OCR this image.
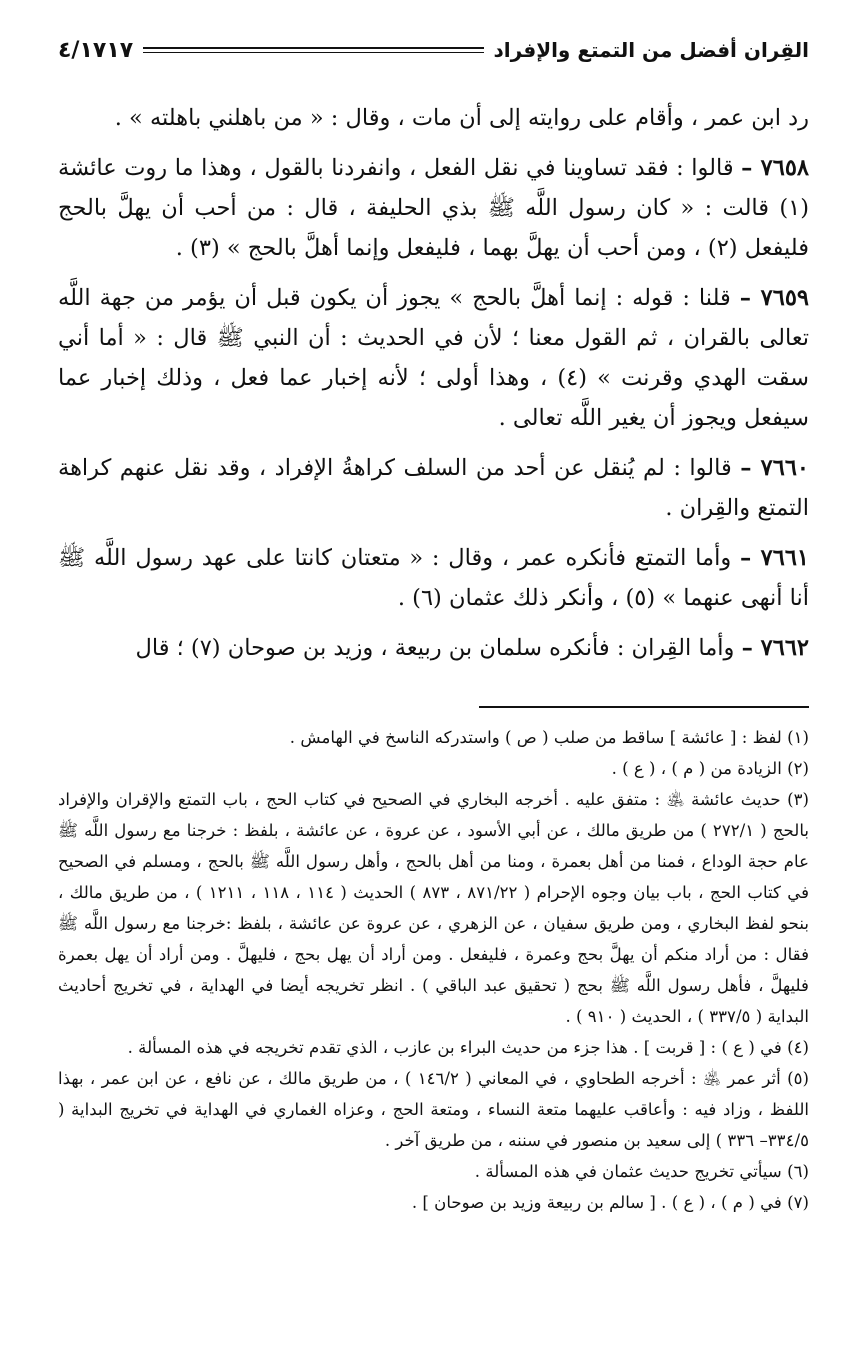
القِران أفضل من التمتع والإفراد
٤/١٧١٧

رد ابن عمر ، وأقام على روايته إلى أن مات ، وقال : « من باهلني باهلته » .

٧٦٥٨ – قالوا : فقد تساوينا في نقل الفعل ، وانفردنا بالقول ، وهذا ما روت عائشة (١) قالت : « كان رسول اللَّه ﷺ بذي الحليفة ، قال : من أحب أن يهلَّ بالحج فليفعل (٢) ، ومن أحب أن يهلَّ بهما ، فليفعل وإنما أهلَّ بالحج » (٣) .

٧٦٥٩ – قلنا : قوله : إنما أهلَّ بالحج » يجوز أن يكون قبل أن يؤمر من جهة اللَّه تعالى بالقران ، ثم القول معنا ؛ لأن في الحديث : أن النبي ﷺ قال : « أما أني سقت الهدي وقرنت » (٤) ، وهذا أولى ؛ لأنه إخبار عما فعل ، وذلك إخبار عما سيفعل ويجوز أن يغير اللَّه تعالى .

٧٦٦٠ – قالوا : لم يُنقل عن أحد من السلف كراهةُ الإفراد ، وقد نقل عنهم كراهة التمتع والقِران .

٧٦٦١ – وأما التمتع فأنكره عمر ، وقال : « متعتان كانتا على عهد رسول اللَّه ﷺ أنا أنهى عنهما » (٥) ، وأنكر ذلك عثمان (٦) .

٧٦٦٢ – وأما القِران : فأنكره سلمان بن ربيعة ، وزيد بن صوحان (٧) ؛ قال

(١) لفظ : [ عائشة ] ساقط من صلب ( ص ) واستدركه الناسخ في الهامش .

(٢) الزيادة من ( م ) ، ( ع ) .

(٣) حديث عائشة ﵁ : متفق عليه . أخرجه البخاري في الصحيح في كتاب الحج ، باب التمتع والإقران والإفراد بالحج ( ٢٧٢/١ ) من طريق مالك ، عن أبي الأسود ، عن عروة ، عن عائشة ، بلفظ : خرجنا مع رسول اللَّه ﷺ عام حجة الوداع ، فمنا من أهل بعمرة ، ومنا من أهل بالحج ، وأهل رسول اللَّه ﷺ بالحج ، ومسلم في الصحيح في كتاب الحج ، باب بيان وجوه الإحرام ( ٨٧١/٢٢ ، ٨٧٣ ) الحديث ( ١١٤ ، ١١٨ ، ١٢١١ ) ، من طريق مالك ، بنحو لفظ البخاري ، ومن طريق سفيان ، عن الزهري ، عن عروة عن عائشة ، بلفظ :خرجنا مع رسول اللَّه ﷺ فقال : من أراد منكم أن يهلَّ بحج وعمرة ، فليفعل . ومن أراد أن يهل بحج ، فليهلَّ . ومن أراد أن يهل بعمرة فليهلَّ ، فأهل رسول اللَّه ﷺ بحج ( تحقيق عبد الباقي ) . انظر تخريجه أيضا في الهداية ، في تخريج أحاديث البداية ( ٣٣٧/٥ ) ، الحديث ( ٩١٠ ) .

(٤) في ( ع ) : [ قربت ] . هذا جزء من حديث البراء بن عازب ، الذي تقدم تخريجه في هذه المسألة .

(٥) أثر عمر ﵁ : أخرجه الطحاوي ، في المعاني ( ١٤٦/٢ ) ، من طريق مالك ، عن نافع ، عن ابن عمر ، بهذا اللفظ ، وزاد فيه : وأعاقب عليهما متعة النساء ، ومتعة الحج ، وعزاه الغماري في الهداية في تخريج البداية ( ٣٣٤/٥– ٣٣٦ ) إلى سعيد بن منصور في سننه ، من طريق آخر .

(٦) سيأتي تخريج حديث عثمان في هذه المسألة .

(٧) في ( م ) ، ( ع ) . [ سالم بن ربيعة وزيد بن صوحان ] .
